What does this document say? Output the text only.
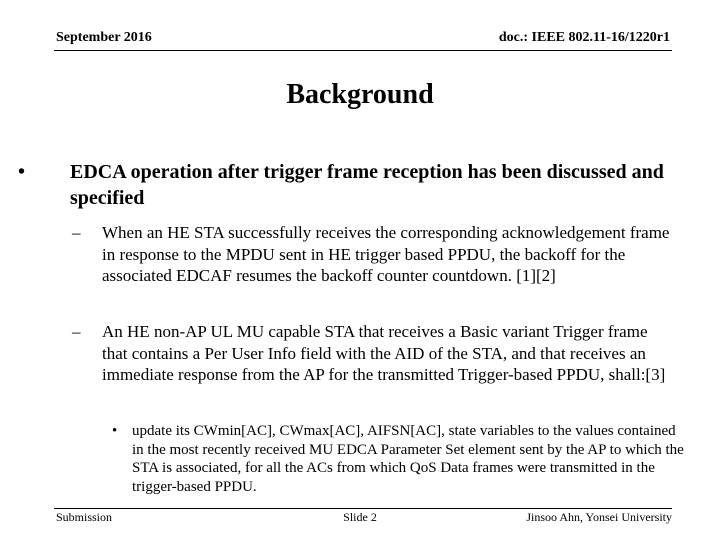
September 2016	doc.: IEEE 802.11-16/1220r1
Background
•	EDCA operation after trigger frame reception has been discussed and specified
–	When an HE STA successfully receives the corresponding acknowledgement frame in response to the MPDU sent in HE trigger based PPDU, the backoff for the associated EDCAF resumes the backoff counter countdown. [1][2]
–	An HE non-AP UL MU capable STA that receives a Basic variant Trigger frame that contains a Per User Info field with the AID of the STA, and that receives an immediate response from the AP for the transmitted Trigger-based PPDU, shall:[3]
• update its CWmin[AC], CWmax[AC], AIFSN[AC], state variables to the values contained in the most recently received MU EDCA Parameter Set element sent by the AP to which the STA is associated, for all the ACs from which QoS Data frames were transmitted in the trigger-based PPDU.
Submission	Slide 2	Jinsoo Ahn, Yonsei University
